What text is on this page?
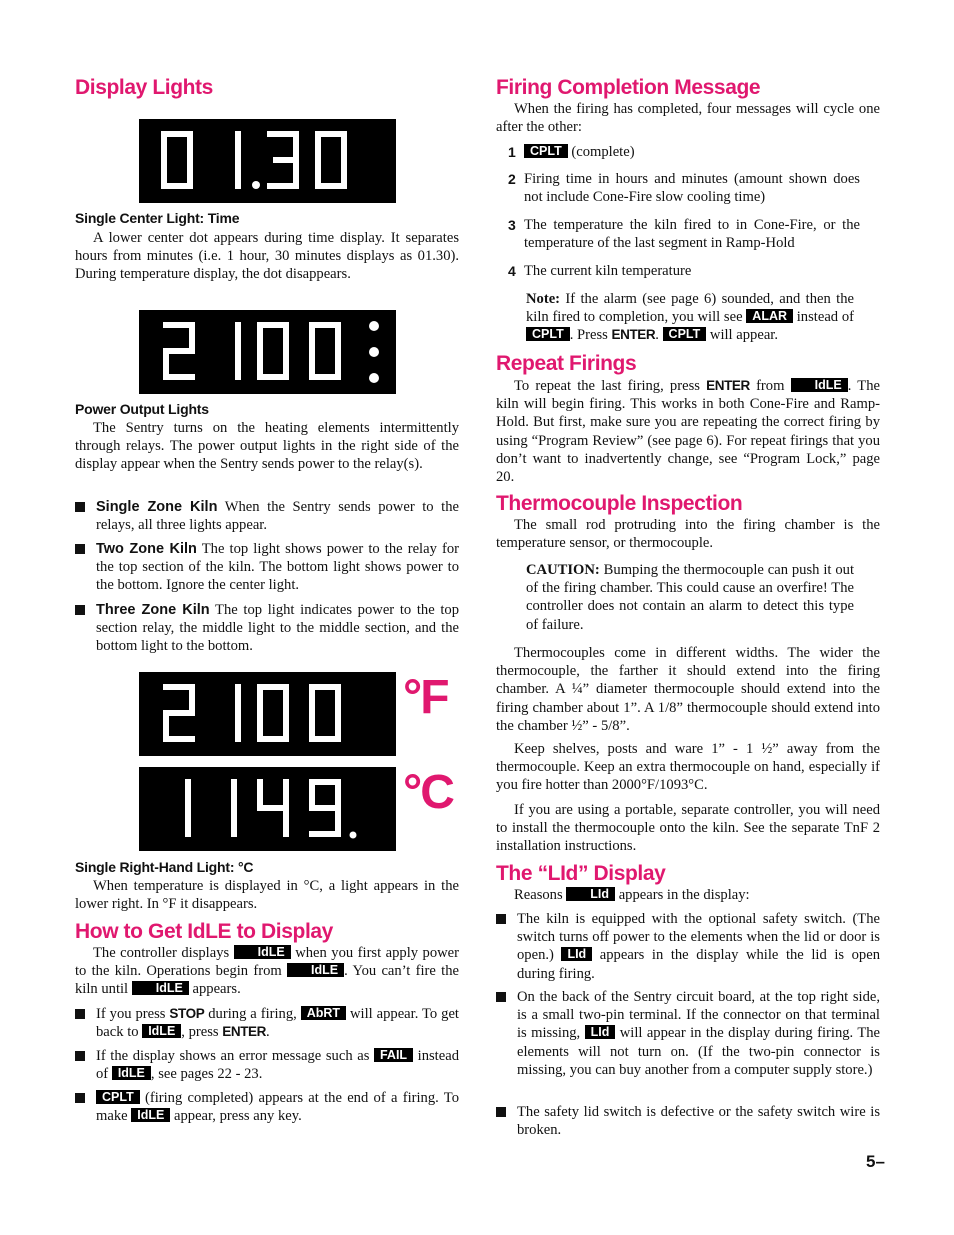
Display Lights
Single Center Light: Time
A lower center dot appears during time display. It separates hours from minutes (i.e. 1 hour, 30 minutes displays as 01.30). During temperature display, the dot disappears.
Power Output Lights
The Sentry turns on the heating elements intermittently through relays. The power output lights in the right side of the display appear when the Sentry sends power to the relay(s).
Single Zone Kiln When the Sentry sends power to the relays, all three lights appear.
Two Zone Kiln The top light shows power to the relay for the top section of the kiln. The bottom light shows power to the bottom. Ignore the center light.
Three Zone Kiln The top light indicates power to the top section relay, the middle light to the middle section, and the bottom light to the bottom.
°F
°C
Single Right-Hand Light: °C
When temperature is displayed in °C, a light appears in the lower right. In °F it disappears.
How to Get IdLE to Display
The controller displays IdLE when you first apply power to the kiln. Operations begin from IdLE . You can’t fire the kiln until IdLE appears.
If you press STOP during a firing, AbRT will appear. To get back to IdLE , press ENTER.
If the display shows an error message such as FAIL instead of IdLE , see pages 22 - 23.
CPLT (firing completed) appears at the end of a firing. To make IdLE appear, press any key.
Firing Completion Message
When the firing has completed, four messages will cycle one after the other:
1 CPLT (complete)
2 Firing time in hours and minutes (amount shown does not include Cone-Fire slow cooling time)
3 The temperature the kiln fired to in Cone-Fire, or the temperature of the last segment in Ramp-Hold
4 The current kiln temperature
Note: If the alarm (see page 6) sounded, and then the kiln fired to completion, you will see ALAR instead of CPLT . Press ENTER. CPLT will appear.
Repeat Firings
To repeat the last firing, press ENTER from IdLE . The kiln will begin firing. This works in both Cone-Fire and Ramp-Hold. But first, make sure you are repeating the correct firing by using “Program Review” (see page 6). For repeat firings that you don’t want to inadvertently change, see “Program Lock,” page 20.
Thermocouple Inspection
The small rod protruding into the firing chamber is the temperature sensor, or thermocouple.
CAUTION: Bumping the thermocouple can push it out of the firing chamber. This could cause an overfire! The controller does not contain an alarm to detect this type of failure.
Thermocouples come in different widths. The wider the thermocouple, the farther it should extend into the firing chamber. A ¼” diameter thermocouple should extend into the firing chamber about 1”. A 1/8” thermocouple should extend into the chamber ½” - 5/8”.
Keep shelves, posts and ware 1” - 1 ½” away from the thermocouple. Keep an extra thermocouple on hand, especially if you fire hotter than 2000°F/1093°C.
If you are using a portable, separate controller, you will need to install the thermocouple onto the kiln. See the separate TnF 2 installation instructions.
The “LId” Display
Reasons LId appears in the display:
The kiln is equipped with the optional safety switch. (The switch turns off power to the elements when the lid or door is open.) LId appears in the display while the lid is open during firing.
On the back of the Sentry circuit board, at the top right side, is a small two-pin terminal. If the connector on that terminal is missing, LId will appear in the display during firing. The elements will not turn on. (If the two-pin connector is missing, you can buy another from a computer supply store.)
The safety lid switch is defective or the safety switch wire is broken.
5–
